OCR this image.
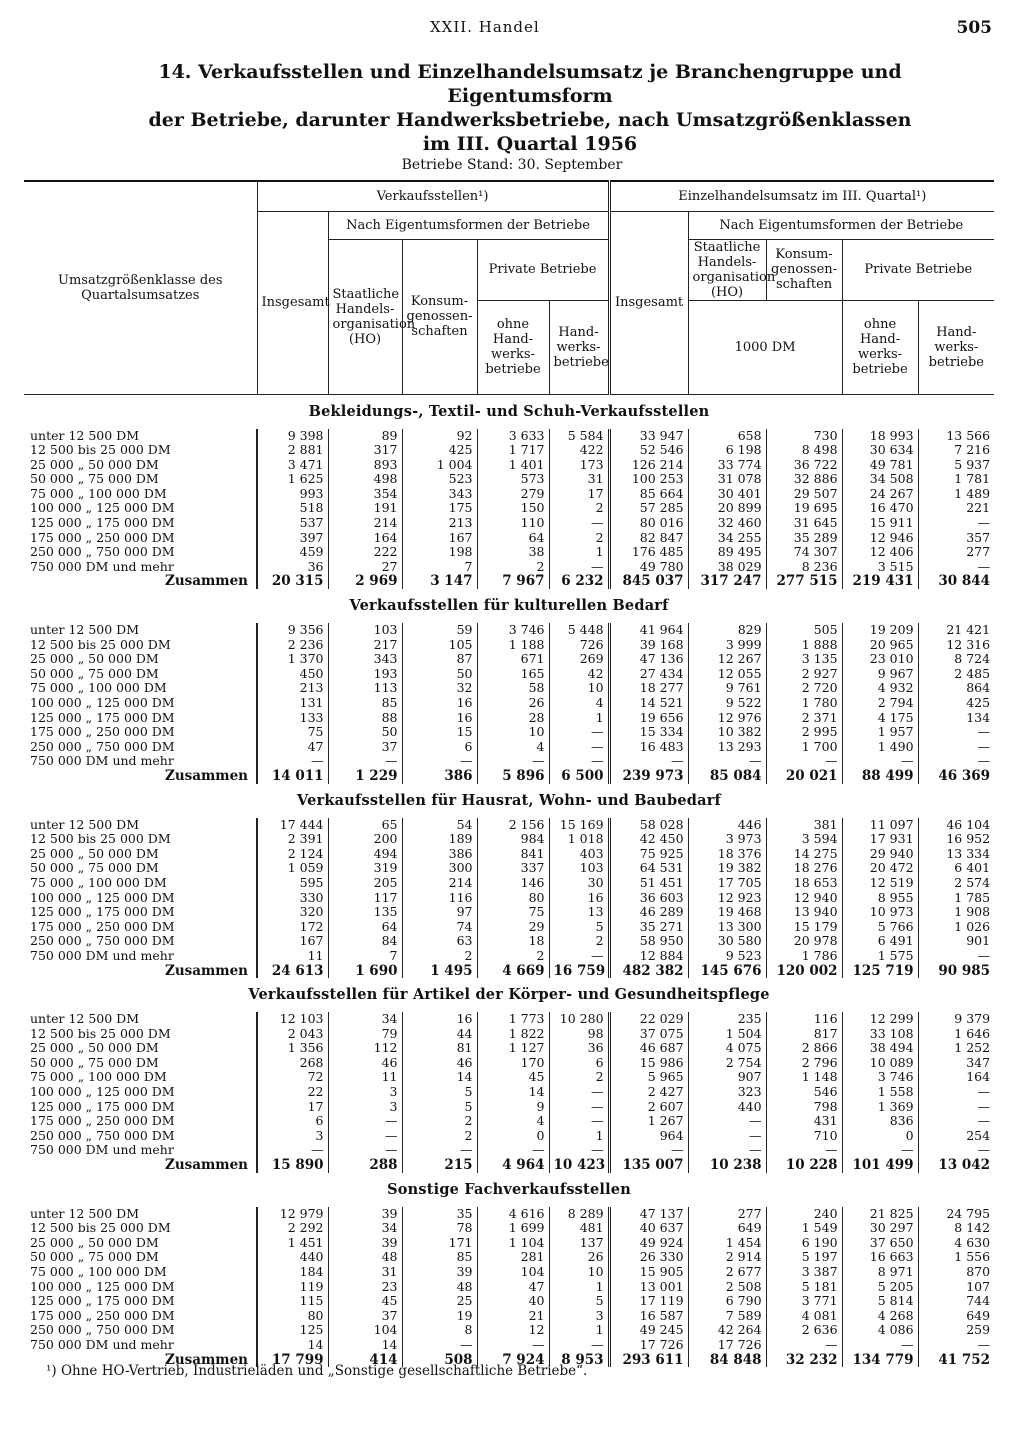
XXII. Handel	505
14. Verkaufsstellen und Einzelhandelsumsatz je Branchengruppe und Eigentumsform
der Betriebe, darunter Handwerksbetriebe, nach Umsatzgrößenklassen
im III. Quartal 1956
Betriebe Stand: 30. September
Umsatzgrößenklasse des Quartalsumsatzes	Verkaufsstellen¹)					Einzelhandelsumsatz im III. Quartal¹)				
	Insgesamt	Nach Eigentumsformen der Betriebe				Insgesamt	Nach Eigentumsformen der Betriebe			
		Staatliche Handels-organisation (HO)	Konsum-genossen-schaften	Private Betriebe			Staatliche Handels-organisation (HO)	Konsum-genossen-schaften	Private Betriebe	
				ohne Hand-werks-betriebe	Hand-werks-betriebe		1000 DM		ohne Hand-werks-betriebe	Hand-werks-betriebe
Bekleidungs-, Textil- und Schuh-Verkaufsstellen										
unter 12 500 DM	9 398	89	92	3 633	5 584	33 947	658	730	18 993	13 566
12 500 bis 25 000 DM	2 881	317	425	1 717	422	52 546	6 198	8 498	30 634	7 216
25 000 „ 50 000 DM	3 471	893	1 004	1 401	173	126 214	33 774	36 722	49 781	5 937
50 000 „ 75 000 DM	1 625	498	523	573	31	100 253	31 078	32 886	34 508	1 781
75 000 „ 100 000 DM	993	354	343	279	17	85 664	30 401	29 507	24 267	1 489
100 000 „ 125 000 DM	518	191	175	150	2	57 285	20 899	19 695	16 470	221
125 000 „ 175 000 DM	537	214	213	110	—	80 016	32 460	31 645	15 911	—
175 000 „ 250 000 DM	397	164	167	64	2	82 847	34 255	35 289	12 946	357
250 000 „ 750 000 DM	459	222	198	38	1	176 485	89 495	74 307	12 406	277
750 000 DM und mehr	36	27	7	2	—	49 780	38 029	8 236	3 515	—
Zusammen	20 315	2 969	3 147	7 967	6 232	845 037	317 247	277 515	219 431	30 844
Verkaufsstellen für kulturellen Bedarf										
unter 12 500 DM	9 356	103	59	3 746	5 448	41 964	829	505	19 209	21 421
12 500 bis 25 000 DM	2 236	217	105	1 188	726	39 168	3 999	1 888	20 965	12 316
25 000 „ 50 000 DM	1 370	343	87	671	269	47 136	12 267	3 135	23 010	8 724
50 000 „ 75 000 DM	450	193	50	165	42	27 434	12 055	2 927	9 967	2 485
75 000 „ 100 000 DM	213	113	32	58	10	18 277	9 761	2 720	4 932	864
100 000 „ 125 000 DM	131	85	16	26	4	14 521	9 522	1 780	2 794	425
125 000 „ 175 000 DM	133	88	16	28	1	19 656	12 976	2 371	4 175	134
175 000 „ 250 000 DM	75	50	15	10	—	15 334	10 382	2 995	1 957	—
250 000 „ 750 000 DM	47	37	6	4	—	16 483	13 293	1 700	1 490	—
750 000 DM und mehr	—	—	—	—	—	—	—	—	—	—
Zusammen	14 011	1 229	386	5 896	6 500	239 973	85 084	20 021	88 499	46 369
Verkaufsstellen für Hausrat, Wohn- und Baubedarf										
unter 12 500 DM	17 444	65	54	2 156	15 169	58 028	446	381	11 097	46 104
12 500 bis 25 000 DM	2 391	200	189	984	1 018	42 450	3 973	3 594	17 931	16 952
25 000 „ 50 000 DM	2 124	494	386	841	403	75 925	18 376	14 275	29 940	13 334
50 000 „ 75 000 DM	1 059	319	300	337	103	64 531	19 382	18 276	20 472	6 401
75 000 „ 100 000 DM	595	205	214	146	30	51 451	17 705	18 653	12 519	2 574
100 000 „ 125 000 DM	330	117	116	80	16	36 603	12 923	12 940	8 955	1 785
125 000 „ 175 000 DM	320	135	97	75	13	46 289	19 468	13 940	10 973	1 908
175 000 „ 250 000 DM	172	64	74	29	5	35 271	13 300	15 179	5 766	1 026
250 000 „ 750 000 DM	167	84	63	18	2	58 950	30 580	20 978	6 491	901
750 000 DM und mehr	11	7	2	2	—	12 884	9 523	1 786	1 575	—
Zusammen	24 613	1 690	1 495	4 669	16 759	482 382	145 676	120 002	125 719	90 985
Verkaufsstellen für Artikel der Körper- und Gesundheitspflege										
unter 12 500 DM	12 103	34	16	1 773	10 280	22 029	235	116	12 299	9 379
12 500 bis 25 000 DM	2 043	79	44	1 822	98	37 075	1 504	817	33 108	1 646
25 000 „ 50 000 DM	1 356	112	81	1 127	36	46 687	4 075	2 866	38 494	1 252
50 000 „ 75 000 DM	268	46	46	170	6	15 986	2 754	2 796	10 089	347
75 000 „ 100 000 DM	72	11	14	45	2	5 965	907	1 148	3 746	164
100 000 „ 125 000 DM	22	3	5	14	—	2 427	323	546	1 558	—
125 000 „ 175 000 DM	17	3	5	9	—	2 607	440	798	1 369	—
175 000 „ 250 000 DM	6	—	2	4	—	1 267	—	431	836	—
250 000 „ 750 000 DM	3	—	2	0	1	964	—	710	0	254
750 000 DM und mehr	—	—	—	—	—	—	—	—	—	—
Zusammen	15 890	288	215	4 964	10 423	135 007	10 238	10 228	101 499	13 042
Sonstige Fachverkaufsstellen										
unter 12 500 DM	12 979	39	35	4 616	8 289	47 137	277	240	21 825	24 795
12 500 bis 25 000 DM	2 292	34	78	1 699	481	40 637	649	1 549	30 297	8 142
25 000 „ 50 000 DM	1 451	39	171	1 104	137	49 924	1 454	6 190	37 650	4 630
50 000 „ 75 000 DM	440	48	85	281	26	26 330	2 914	5 197	16 663	1 556
75 000 „ 100 000 DM	184	31	39	104	10	15 905	2 677	3 387	8 971	870
100 000 „ 125 000 DM	119	23	48	47	1	13 001	2 508	5 181	5 205	107
125 000 „ 175 000 DM	115	45	25	40	5	17 119	6 790	3 771	5 814	744
175 000 „ 250 000 DM	80	37	19	21	3	16 587	7 589	4 081	4 268	649
250 000 „ 750 000 DM	125	104	8	12	1	49 245	42 264	2 636	4 086	259
750 000 DM und mehr	14	14	—	—	—	17 726	17 726	—	—	—
Zusammen	17 799	414	508	7 924	8 953	293 611	84 848	32 232	134 779	41 752
¹) Ohne HO-Vertrieb, Industrieläden und „Sonstige gesellschaftliche Betriebe“.
